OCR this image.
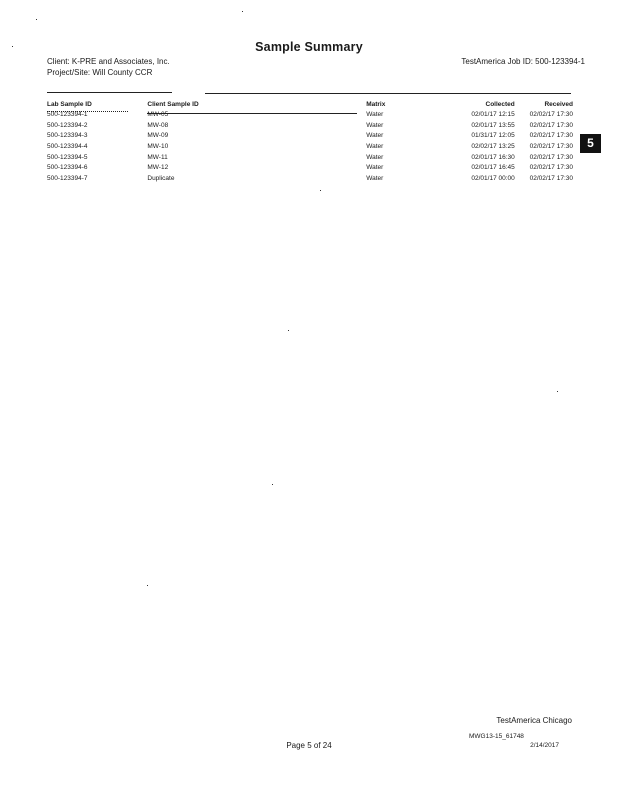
Sample Summary
Client: K-PRE and Associates, Inc.
Project/Site: Will County CCR
TestAmerica Job ID: 500-123394-1
Lab Sample ID	Client Sample ID	Matrix	Collected	Received
500-123394-1	MW-05	Water	02/01/17 12:15	02/02/17 17:30
500-123394-2	MW-08	Water	02/01/17 13:55	02/02/17 17:30
500-123394-3	MW-09	Water	01/31/17 12:05	02/02/17 17:30
500-123394-4	MW-10	Water	02/02/17 13:25	02/02/17 17:30
500-123394-5	MW-11	Water	02/01/17 16:30	02/02/17 17:30
500-123394-6	MW-12	Water	02/01/17 16:45	02/02/17 17:30
500-123394-7	Duplicate	Water	02/01/17 00:00	02/02/17 17:30
5
TestAmerica Chicago
MWG13-15_61748
Page 5 of 24	2/14/2017
